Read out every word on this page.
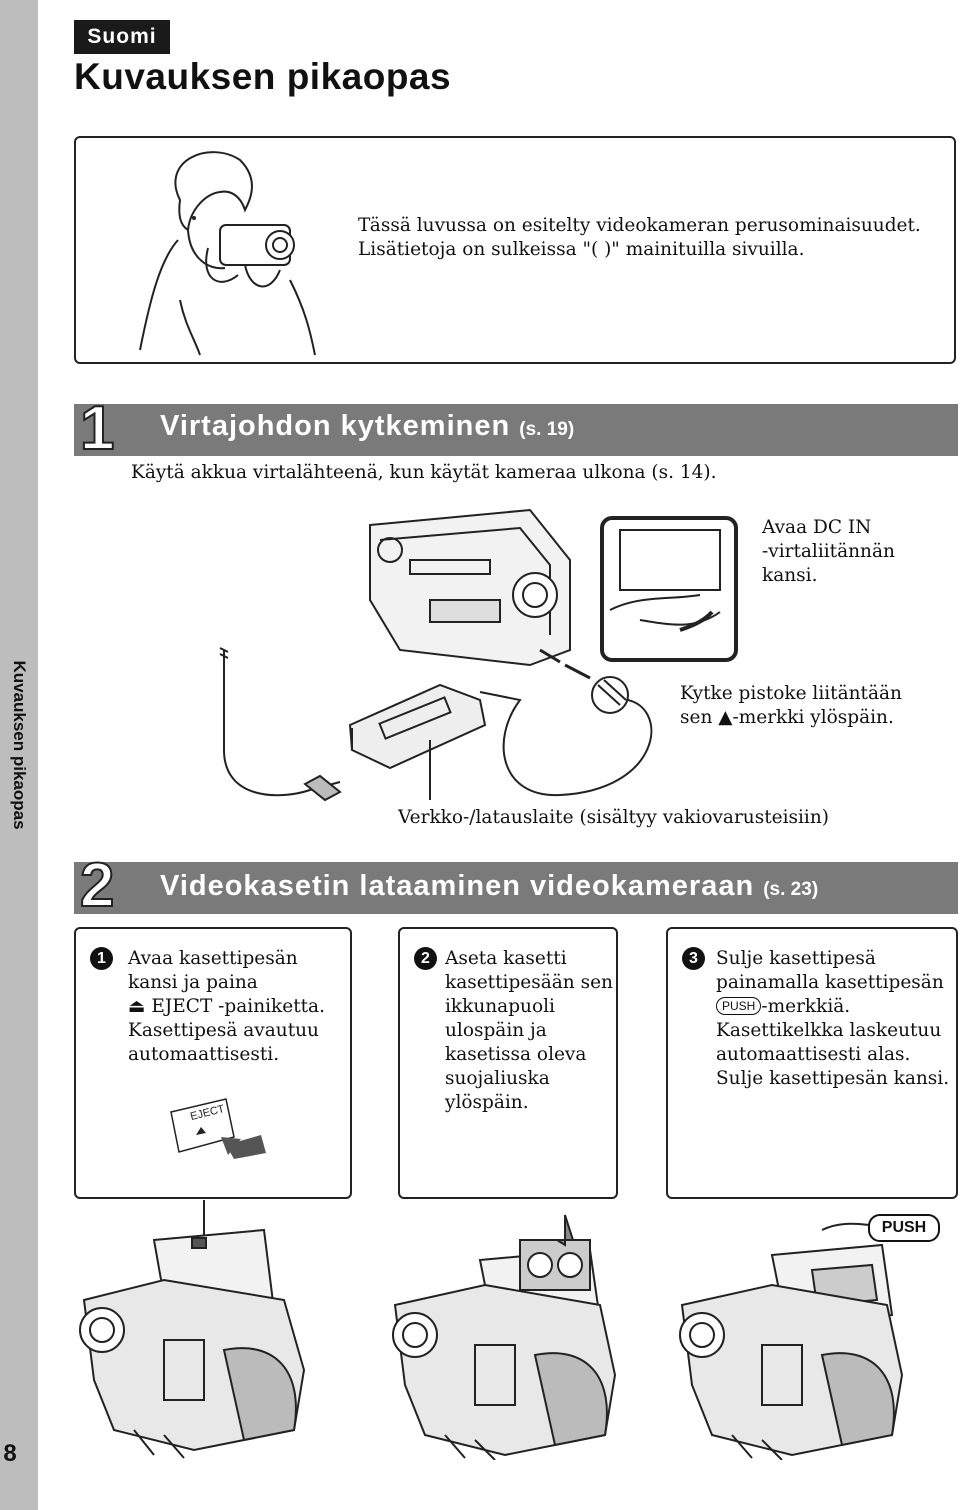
Kuvauksen pikaopas
8
Suomi
Kuvauksen pikaopas
Tässä luvussa on esitelty videokameran perusominaisuudet.
Lisätietoja on sulkeissa "( )" mainituilla sivuilla.
1 Virtajohdon kytkeminen (s. 19)
Käytä akkua virtalähteenä, kun käytät kameraa ulkona (s. 14).
Avaa DC IN
-virtaliitännän
kansi.
Kytke pistoke liitäntään
sen ▲-merkki ylöspäin.
Verkko-/latauslaite (sisältyy vakiovarusteisiin)
2 Videokasetin lataaminen videokameraan (s. 23)
1	Avaa kasettipesän
kansi ja paina
⏏ EJECT -painiketta.
Kasettipesä avautuu
automaattisesti.
EJECT
2 Aseta kasetti
kasettipesään sen
ikkunapuoli
ulospäin ja
kasetissa oleva
suojaliuska
ylöspäin.
3 Sulje kasettipesä
painamalla kasettipesän
PUSH -merkkiä.
Kasettikelkka laskeutuu
automaattisesti alas.
Sulje kasettipesän kansi.
PUSH
